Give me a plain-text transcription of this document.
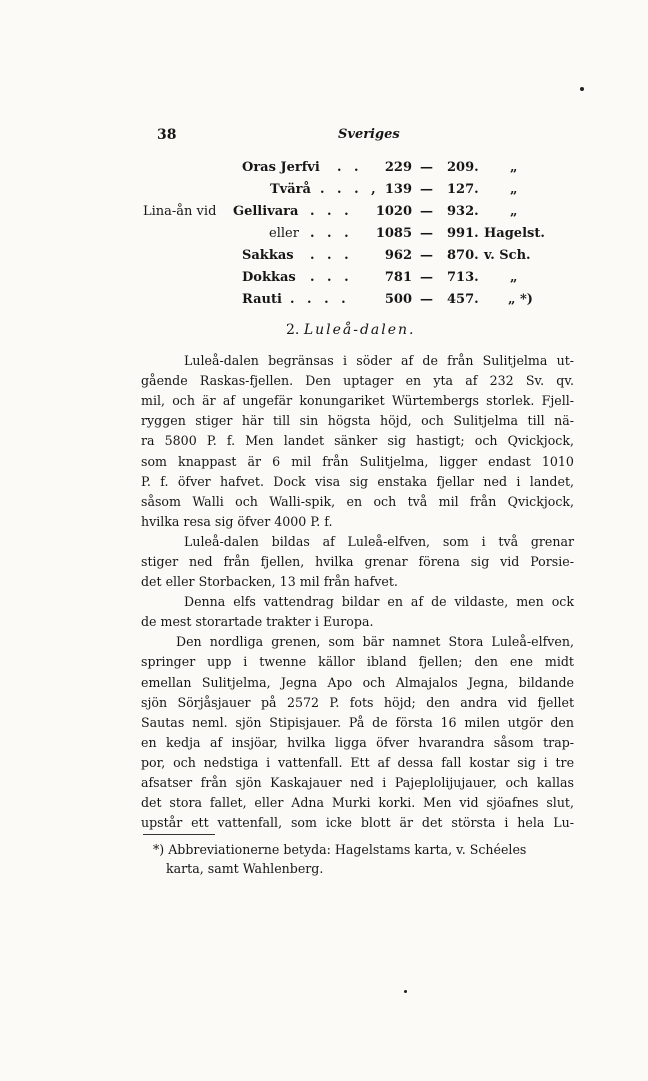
38	Sveriges
Oras Jerfvi . .	229 — 209. „
Tvärå . . . , 139 — 127. „
Lina-ån vid Gellivara . . .	1020 — 932. „
eller . . .	1085 — 991. Hagelst.
Sakkas . . .	962 — 870. v. Sch.
Dokkas . . .	781 — 713. „
Rauti . . . .	500 — 457. „ *)
2. Luleå-dalen.
Luleå-dalen begränsas i söder af de från Sulitjelma ut-
gående Raskas-fjellen. Den uptager en yta af 232 Sv. qv.
mil, och är af ungefär konungariket Würtembergs storlek. Fjell-
ryggen stiger här till sin högsta höjd, och Sulitjelma till nä-
ra 5800 P. f. Men landet sänker sig hastigt; och Qvickjock,
som knappast är 6 mil från Sulitjelma, ligger endast 1010
P. f. öfver hafvet. Dock visa sig enstaka fjellar ned i landet,
såsom Walli och Walli-spik, en och två mil från Qvickjock,
hvilka resa sig öfver 4000 P. f.
Luleå-dalen bildas af Luleå-elfven, som i två grenar
stiger ned från fjellen, hvilka grenar förena sig vid Porsie-
det eller Storbacken, 13 mil från hafvet.
Denna elfs vattendrag bildar en af de vildaste, men ock
de mest storartade trakter i Europa.
Den nordliga grenen, som bär namnet Stora Luleå-elfven,
springer upp i twenne källor ibland fjellen; den ene midt
emellan Sulitjelma, Jegna Apo och Almajalos Jegna, bildande
sjön Sörjåsjauer på 2572 P. fots höjd; den andra vid fjellet
Sautas neml. sjön Stipisjauer. På de första 16 milen utgör den
en kedja af insjöar, hvilka ligga öfver hvarandra såsom trap-
por, och nedstiga i vattenfall. Ett af dessa fall kostar sig i tre
afsatser från sjön Kaskajauer ned i Pajeplolijujauer, och kallas
det stora fallet, eller Adna Murki korki. Men vid sjöafnes slut,
upstår ett vattenfall, som icke blott är det största i hela Lu-
*) Abbreviationerne betyda: Hagelstams karta, v. Schéeles
karta, samt Wahlenberg.
